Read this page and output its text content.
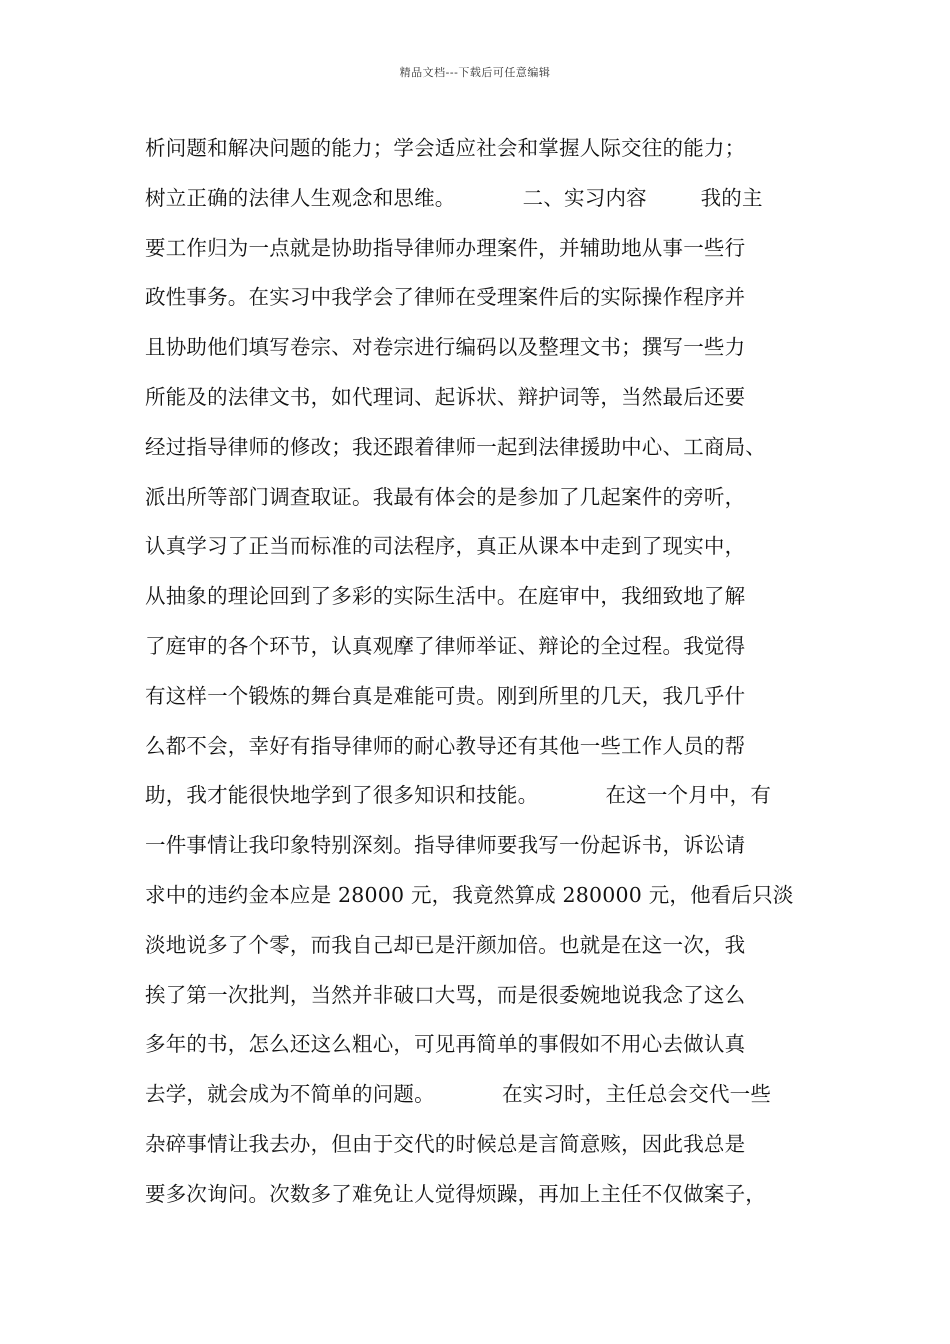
精品文档---下载后可任意编辑
析问题和解决问题的能力；学会适应社会和掌握人际交往的能力；
树立正确的法律人生观念和思维。          二、实习内容        我的主
要工作归为一点就是协助指导律师办理案件，并辅助地从事一些行
政性事务。在实习中我学会了律师在受理案件后的实际操作程序并
且协助他们填写卷宗、对卷宗进行编码以及整理文书；撰写一些力
所能及的法律文书，如代理词、起诉状、辩护词等，当然最后还要
经过指导律师的修改；我还跟着律师一起到法律援助中心、工商局、
派出所等部门调查取证。我最有体会的是参加了几起案件的旁听，
认真学习了正当而标准的司法程序，真正从课本中走到了现实中，
从抽象的理论回到了多彩的实际生活中。在庭审中，我细致地了解
了庭审的各个环节，认真观摩了律师举证、辩论的全过程。我觉得
有这样一个锻炼的舞台真是难能可贵。刚到所里的几天，我几乎什
么都不会，幸好有指导律师的耐心教导还有其他一些工作人员的帮
助，我才能很快地学到了很多知识和技能。          在这一个月中，有
一件事情让我印象特别深刻。指导律师要我写一份起诉书，诉讼请
求中的违约金本应是 28000 元，我竟然算成 280000 元，他看后只淡
淡地说多了个零，而我自己却已是汗颜加倍。也就是在这一次，我
挨了第一次批判，当然并非破口大骂，而是很委婉地说我念了这么
多年的书，怎么还这么粗心，可见再简单的事假如不用心去做认真
去学，就会成为不简单的问题。          在实习时，主任总会交代一些
杂碎事情让我去办，但由于交代的时候总是言简意赅，因此我总是
要多次询问。次数多了难免让人觉得烦躁，再加上主任不仅做案子，
